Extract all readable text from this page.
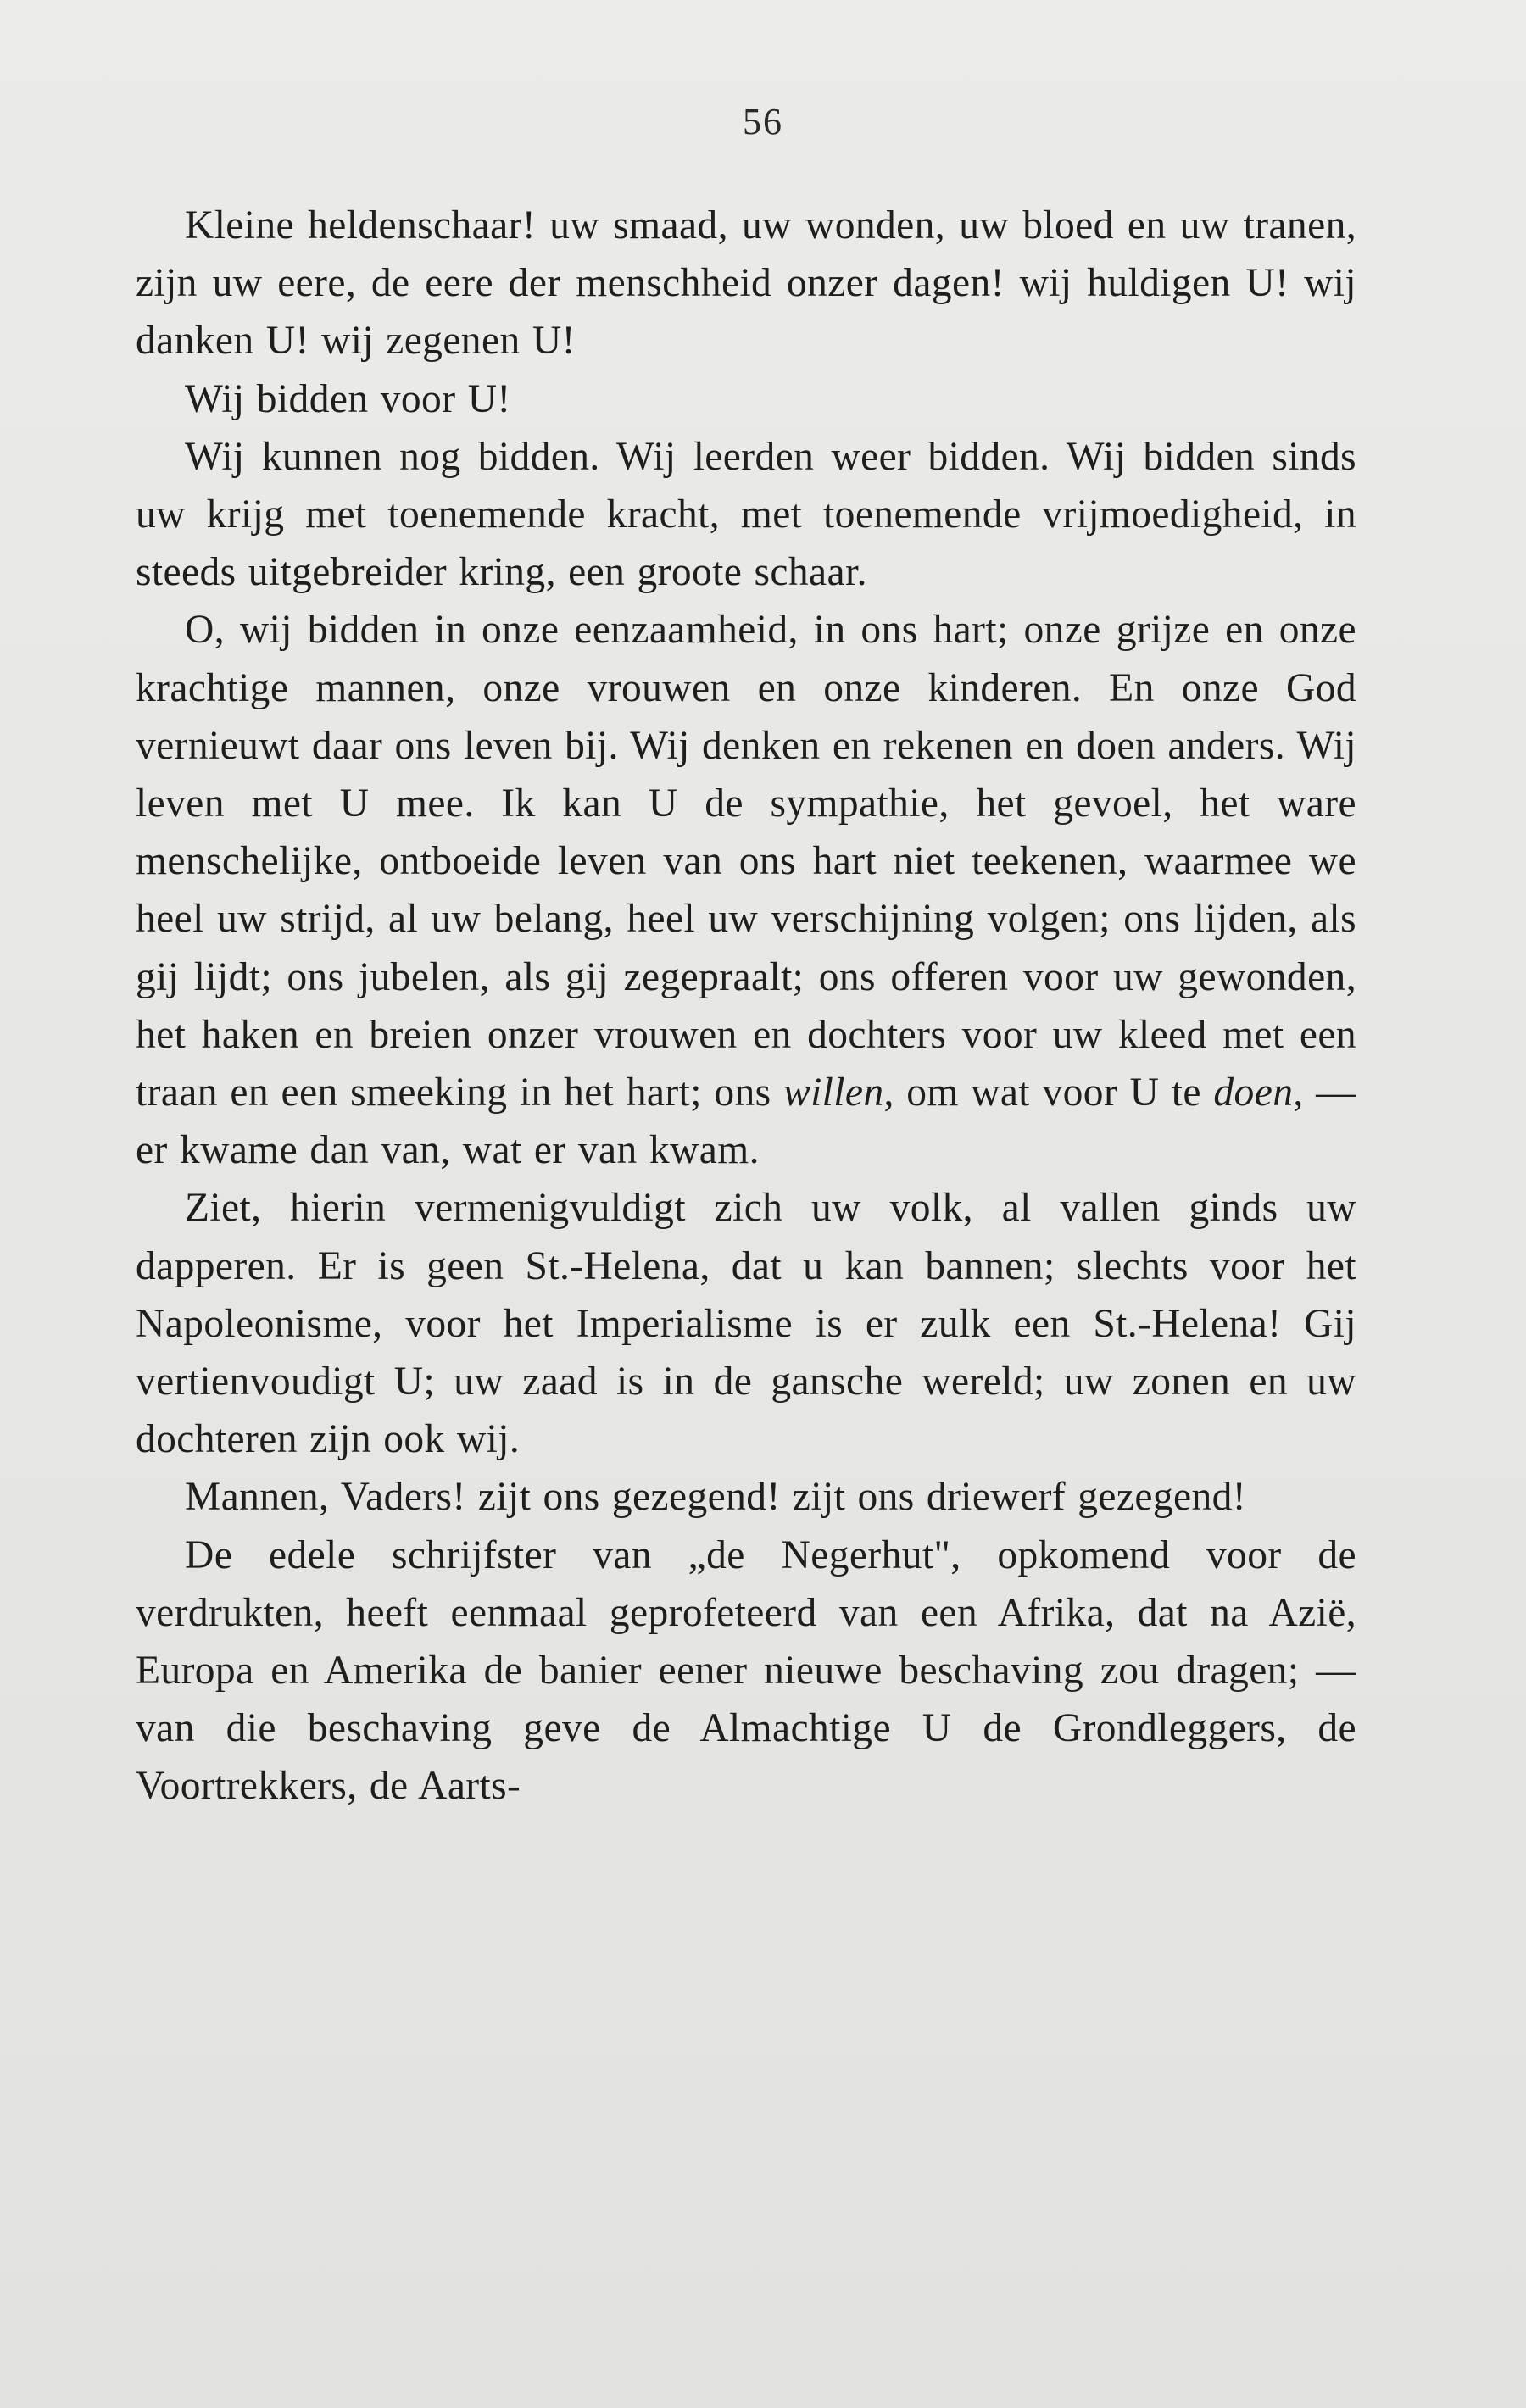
56

Kleine heldenschaar! uw smaad, uw wonden, uw bloed en uw tranen, zijn uw eere, de eere der menschheid onzer dagen! wij huldigen U! wij danken U! wij zegenen U!

Wij bidden voor U!

Wij kunnen nog bidden. Wij leerden weer bidden. Wij bidden sinds uw krijg met toenemende kracht, met toenemende vrijmoedigheid, in steeds uitgebreider kring, een groote schaar.

O, wij bidden in onze eenzaamheid, in ons hart; onze grijze en onze krachtige mannen, onze vrouwen en onze kinderen. En onze God vernieuwt daar ons leven bij. Wij denken en rekenen en doen anders. Wij leven met U mee. Ik kan U de sympathie, het gevoel, het ware menschelijke, ontboeide leven van ons hart niet teekenen, waarmee we heel uw strijd, al uw belang, heel uw verschijning volgen; ons lijden, als gij lijdt; ons jubelen, als gij zegepraalt; ons offeren voor uw gewonden, het haken en breien onzer vrouwen en dochters voor uw kleed met een traan en een smeeking in het hart; ons willen, om wat voor U te doen, — er kwame dan van, wat er van kwam.

Ziet, hierin vermenigvuldigt zich uw volk, al vallen ginds uw dapperen. Er is geen St.-Helena, dat u kan bannen; slechts voor het Napoleonisme, voor het Imperialisme is er zulk een St.-Helena! Gij vertienvoudigt U; uw zaad is in de gansche wereld; uw zonen en uw dochteren zijn ook wij.

Mannen, Vaders! zijt ons gezegend! zijt ons driewerf gezegend!

De edele schrijfster van „de Negerhut", opkomend voor de verdrukten, heeft eenmaal geprofeteerd van een Afrika, dat na Azië, Europa en Amerika de banier eener nieuwe beschaving zou dragen; — van die beschaving geve de Almachtige U de Grondleggers, de Voortrekkers, de Aarts-
